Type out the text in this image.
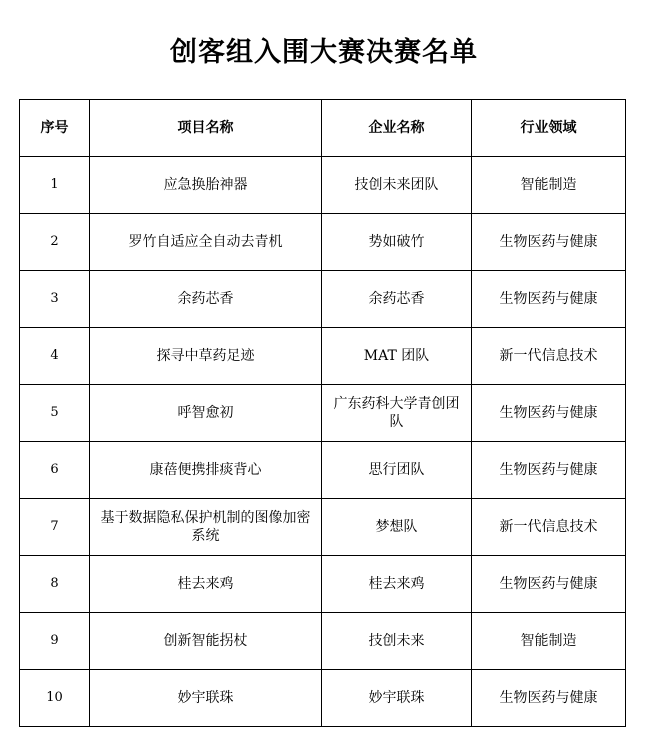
创客组入围大赛决赛名单
序号	项目名称	企业名称	行业领域
1	应急换胎神器	技创未来团队	智能制造
2	罗竹自适应全自动去青机	势如破竹	生物医药与健康
3	余药芯香	余药芯香	生物医药与健康
4	探寻中草药足迹	MAT 团队	新一代信息技术
5	呼智愈初	广东药科大学青创团队	生物医药与健康
6	康蓓便携排痰背心	思行团队	生物医药与健康
7	基于数据隐私保护机制的图像加密系统	梦想队	新一代信息技术
8	桂去来鸡	桂去来鸡	生物医药与健康
9	创新智能拐杖	技创未来	智能制造
10	妙宇联珠	妙宇联珠	生物医药与健康
